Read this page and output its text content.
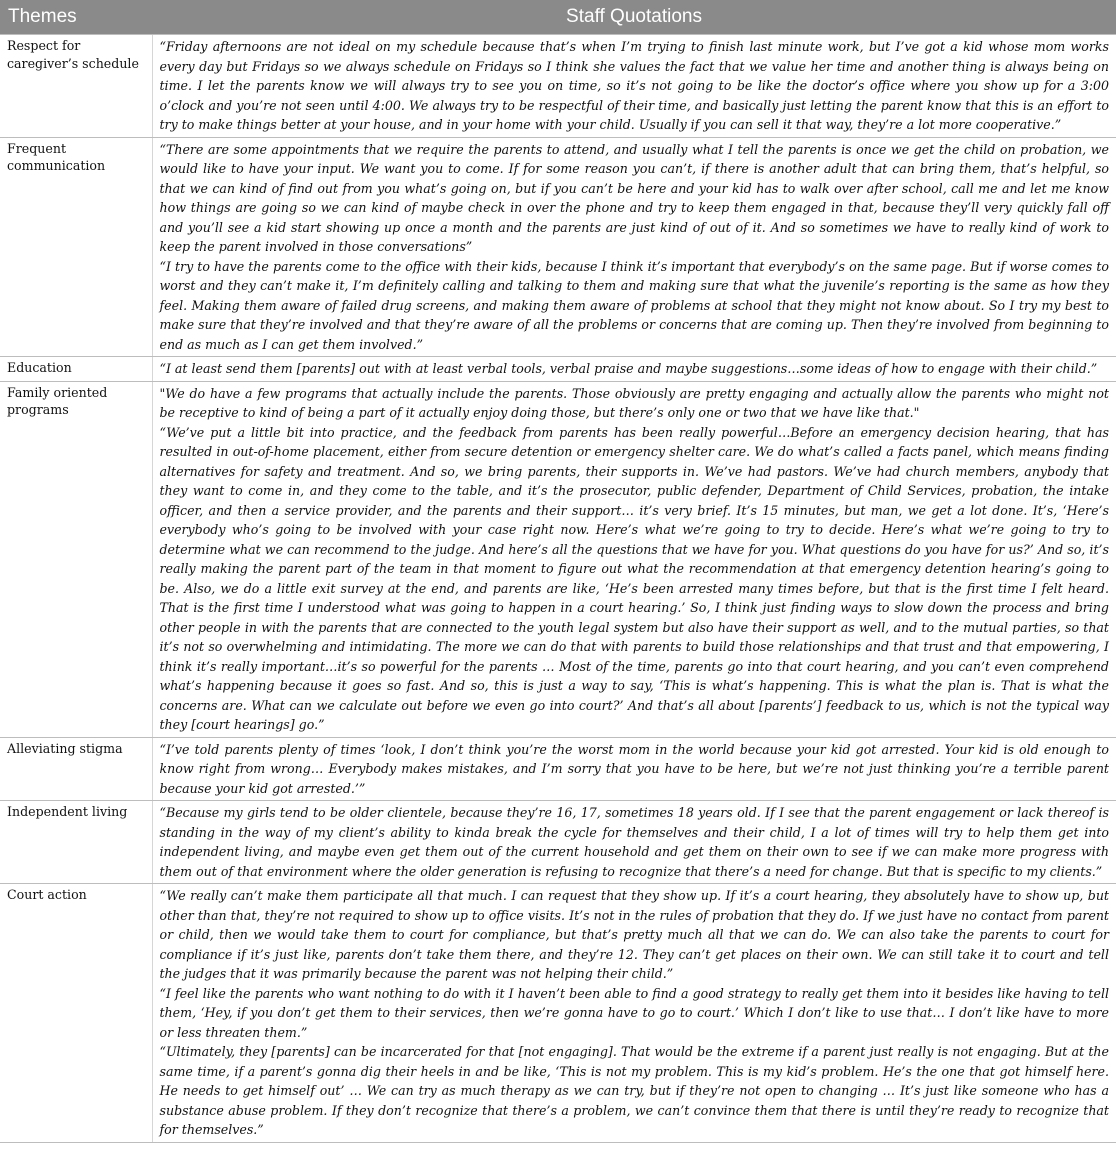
Themes	Staff Quotations
Respect for caregiver’s schedule	“Friday afternoons are not ideal on my schedule because that’s when I’m trying to finish last minute work, but I’ve got a kid whose mom works every day but Fridays so we always schedule on Fridays so I think she values the fact that we value her time and another thing is always being on time. I let the parents know we will always try to see you on time, so it’s not going to be like the doctor’s office where you show up for a 3:00 o’clock and you’re not seen until 4:00. We always try to be respectful of their time, and basically just letting the parent know that this is an effort to try to make things better at your house, and in your home with your child. Usually if you can sell it that way, they’re a lot more cooperative.”

Frequent communication	“There are some appointments that we require the parents to attend, and usually what I tell the parents is once we get the child on probation, we would like to have your input. We want you to come. If for some reason you can’t, if there is another adult that can bring them, that’s helpful, so that we can kind of find out from you what’s going on, but if you can’t be here and your kid has to walk over after school, call me and let me know how things are going so we can kind of maybe check in over the phone and try to keep them engaged in that, because they’ll very quickly fall off and you’ll see a kid start showing up once a month and the parents are just kind of out of it. And so sometimes we have to really kind of work to keep the parent involved in those conversations”

“I try to have the parents come to the office with their kids, because I think it’s important that everybody’s on the same page. But if worse comes to worst and they can’t make it, I’m definitely calling and talking to them and making sure that what the juvenile’s reporting is the same as how they feel. Making them aware of failed drug screens, and making them aware of problems at school that they might not know about. So I try my best to make sure that they’re involved and that they’re aware of all the problems or concerns that are coming up. Then they’re involved from beginning to end as much as I can get them involved.”

Education	“I at least send them [parents] out with at least verbal tools, verbal praise and maybe suggestions…some ideas of how to engage with their child.”

Family oriented programs	"We do have a few programs that actually include the parents. Those obviously are pretty engaging and actually allow the parents who might not be receptive to kind of being a part of it actually enjoy doing those, but there’s only one or two that we have like that."

“We’ve put a little bit into practice, and the feedback from parents has been really powerful…Before an emergency decision hearing, that has resulted in out-of-home placement, either from secure detention or emergency shelter care. We do what’s called a facts panel, which means finding alternatives for safety and treatment. And so, we bring parents, their supports in. We’ve had pastors. We’ve had church members, anybody that they want to come in, and they come to the table, and it’s the prosecutor, public defender, Department of Child Services, probation, the intake officer, and then a service provider, and the parents and their support… it’s very brief. It’s 15 minutes, but man, we get a lot done. It’s, ‘Here’s everybody who’s going to be involved with your case right now. Here’s what we’re going to try to decide. Here’s what we’re going to try to determine what we can recommend to the judge. And here’s all the questions that we have for you. What questions do you have for us?’ And so, it’s really making the parent part of the team in that moment to figure out what the recommendation at that emergency detention hearing’s going to be. Also, we do a little exit survey at the end, and parents are like, ‘He’s been arrested many times before, but that is the first time I felt heard. That is the first time I understood what was going to happen in a court hearing.’ So, I think just finding ways to slow down the process and bring other people in with the parents that are connected to the youth legal system but also have their support as well, and to the mutual parties, so that it’s not so overwhelming and intimidating. The more we can do that with parents to build those relationships and that trust and that empowering, I think it’s really important…it’s so powerful for the parents … Most of the time, parents go into that court hearing, and you can’t even comprehend what’s happening because it goes so fast. And so, this is just a way to say, ‘This is what’s happening. This is what the plan is. That is what the concerns are. What can we calculate out before we even go into court?’ And that’s all about [parents’] feedback to us, which is not the typical way they [court hearings] go.”

Alleviating stigma	“I’ve told parents plenty of times ‘look, I don’t think you’re the worst mom in the world because your kid got arrested. Your kid is old enough to know right from wrong… Everybody makes mistakes, and I’m sorry that you have to be here, but we’re not just thinking you’re a terrible parent because your kid got arrested.’”

Independent living	“Because my girls tend to be older clientele, because they’re 16, 17, sometimes 18 years old. If I see that the parent engagement or lack thereof is standing in the way of my client’s ability to kinda break the cycle for themselves and their child, I a lot of times will try to help them get into independent living, and maybe even get them out of the current household and get them on their own to see if we can make more progress with them out of that environment where the older generation is refusing to recognize that there’s a need for change. But that is specific to my clients.”

Court action	“We really can’t make them participate all that much. I can request that they show up. If it’s a court hearing, they absolutely have to show up, but other than that, they’re not required to show up to office visits. It’s not in the rules of probation that they do. If we just have no contact from parent or child, then we would take them to court for compliance, but that’s pretty much all that we can do. We can also take the parents to court for compliance if it’s just like, parents don’t take them there, and they’re 12. They can’t get places on their own. We can still take it to court and tell the judges that it was primarily because the parent was not helping their child.”

“I feel like the parents who want nothing to do with it I haven’t been able to find a good strategy to really get them into it besides like having to tell them, ‘Hey, if you don’t get them to their services, then we’re gonna have to go to court.’ Which I don’t like to use that… I don’t like have to more or less threaten them.”

“Ultimately, they [parents] can be incarcerated for that [not engaging]. That would be the extreme if a parent just really is not engaging. But at the same time, if a parent’s gonna dig their heels in and be like, ‘This is not my problem. This is my kid’s problem. He’s the one that got himself here. He needs to get himself out’ … We can try as much therapy as we can try, but if they’re not open to changing … It’s just like someone who has a substance abuse problem. If they don’t recognize that there’s a problem, we can’t convince them that there is until they’re ready to recognize that for themselves.”
